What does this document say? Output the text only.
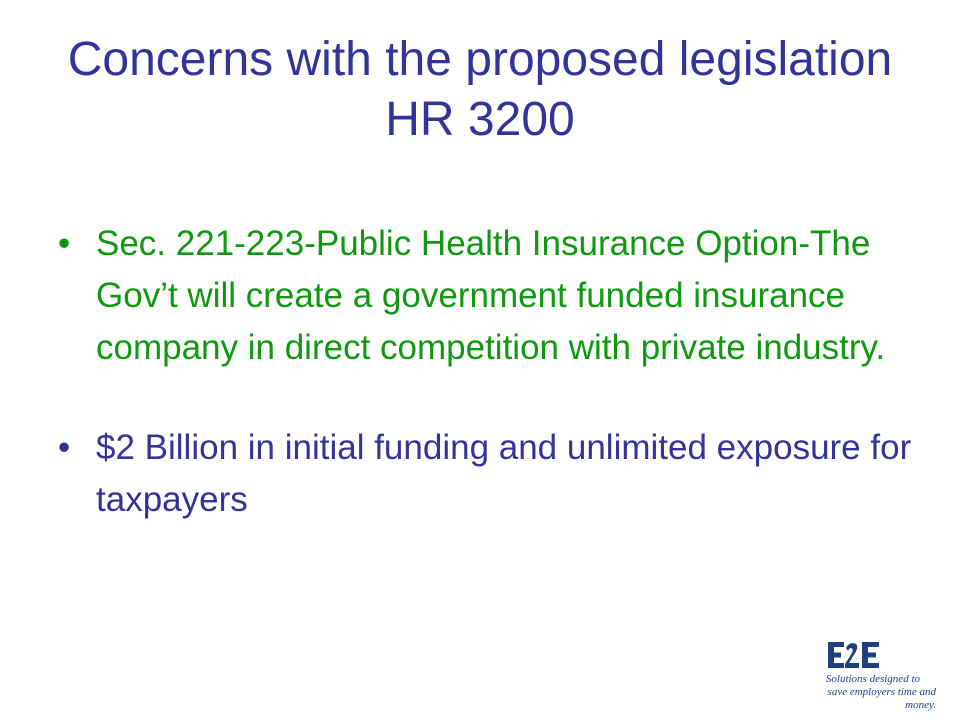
Concerns with the proposed legislation HR 3200
• Sec. 221-223-Public Health Insurance Option-The Gov’t will create a government funded insurance company in direct competition with private industry.
• $2 Billion in initial funding and unlimited exposure for taxpayers
Solutions designed to
save employers time and money.
